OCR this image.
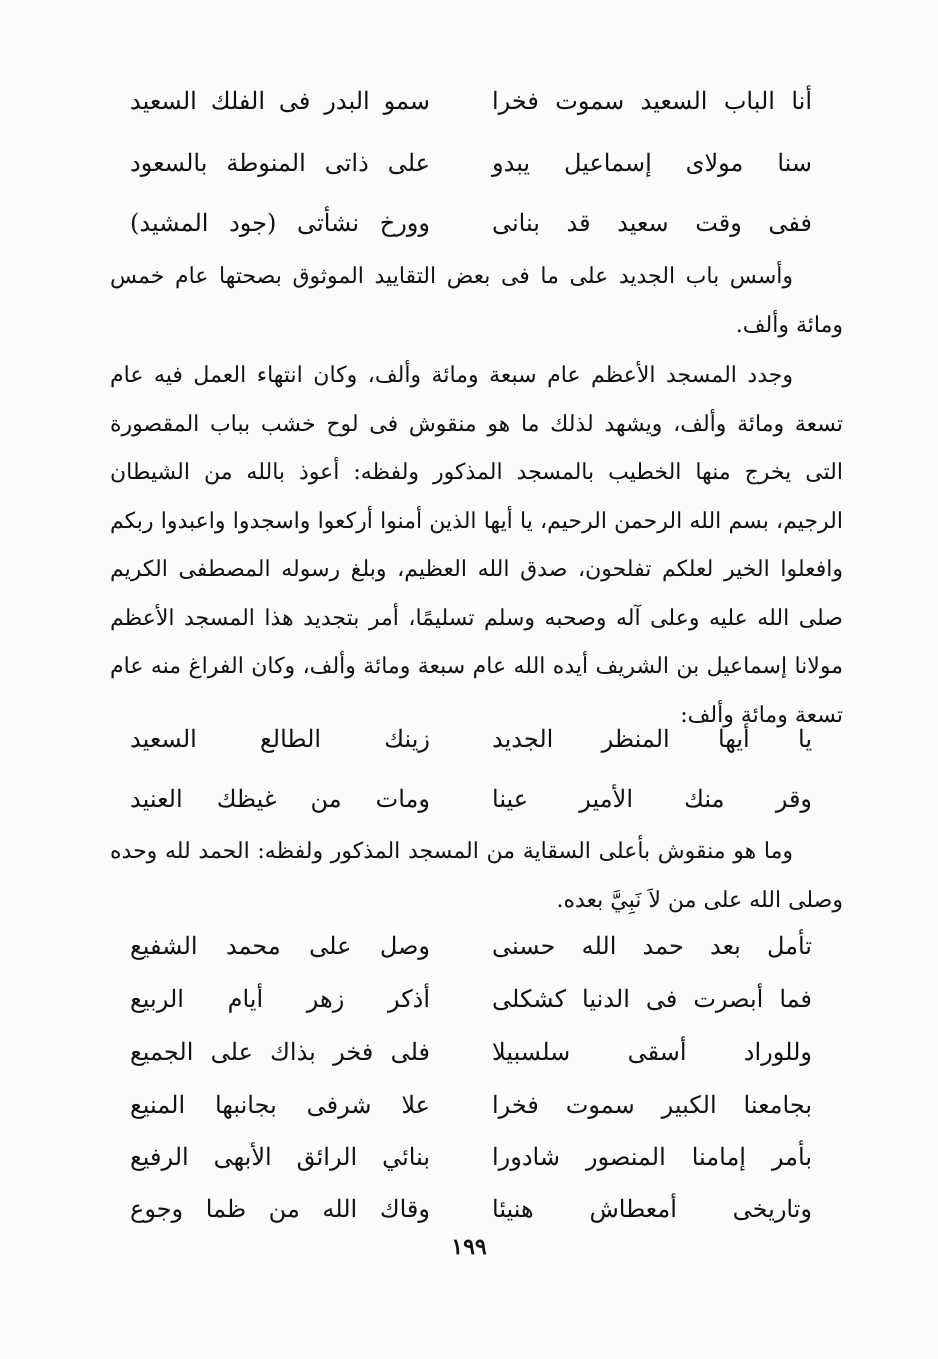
أنا الباب السعيد سموت فخرا
سمو البدر فى الفلك السعيد
سنا مولاى إسماعيل يبدو
على ذاتى المنوطة بالسعود
ففى وقت سعيد قد بنانى
وورخ نشأتى (جود المشيد)

وأسس باب الجديد على ما فى بعض التقاييد الموثوق بصحتها عام خمس ومائة وألف.

وجدد المسجد الأعظم عام سبعة ومائة وألف، وكان انتهاء العمل فيه عام تسعة ومائة وألف، ويشهد لذلك ما هو منقوش فى لوح خشب بباب المقصورة التى يخرج منها الخطيب بالمسجد المذكور ولفظه: أعوذ بالله من الشيطان الرجيم، بسم الله الرحمن الرحيم، يا أيها الذين أمنوا أركعوا واسجدوا واعبدوا ربكم وافعلوا الخير لعلكم تفلحون، صدق الله العظيم، وبلغ رسوله المصطفى الكريم صلى الله عليه وعلى آله وصحبه وسلم تسليمًا، أمر بتجديد هذا المسجد الأعظم مولانا إسماعيل بن الشريف أيده الله عام سبعة ومائة وألف، وكان الفراغ منه عام تسعة ومائة وألف:

يا أيها المنظر الجديد
زينك الطالع السعيد
وقر منك الأمير عينا
ومات من غيظك العنيد

وما هو منقوش بأعلى السقاية من المسجد المذكور ولفظه: الحمد لله وحده وصلى الله على من لاَ نَبِيَّ بعده.

تأمل بعد حمد الله حسنى
وصل على محمد الشفيع
فما أبصرت فى الدنيا كشكلى
أذكر زهر أيام الربيع
وللوراد أسقى سلسبيلا
فلى فخر بذاك على الجميع
بجامعنا الكبير سموت فخرا
علا شرفى بجانبها المنيع
بأمر إمامنا المنصور شادورا
بنائي الرائق الأبهى الرفيع
وتاريخى أمعطاش هنيئا
وقاك الله من ظما وجوع
١٩٩
